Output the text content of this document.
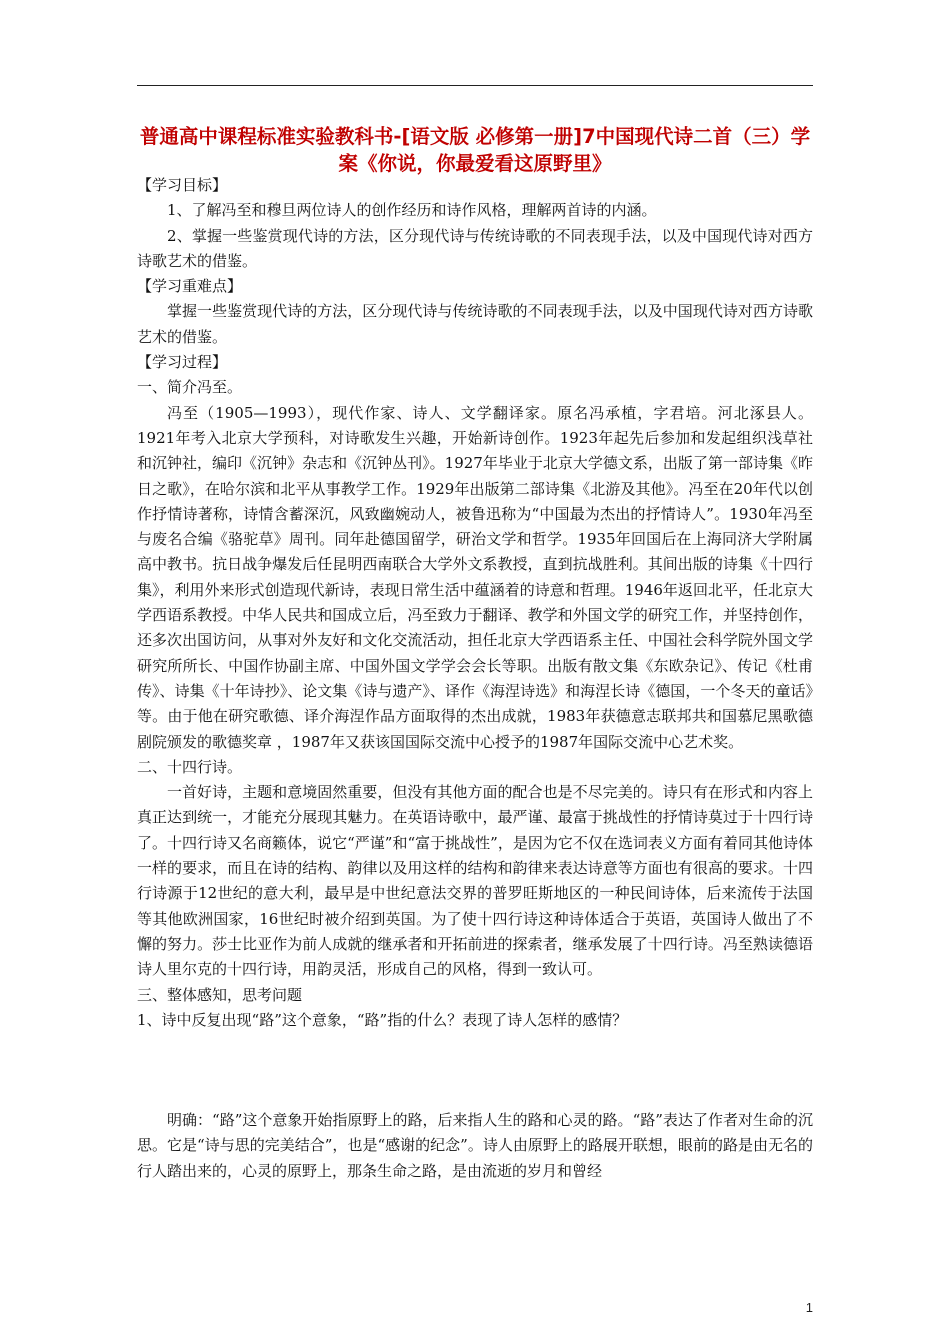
普通高中课程标准实验教科书-[语文版 必修第一册]7中国现代诗二首（三）学案《你说，你最爱看这原野里》

【学习目标】

1、了解冯至和穆旦两位诗人的创作经历和诗作风格，理解两首诗的内涵。

2、掌握一些鉴赏现代诗的方法，区分现代诗与传统诗歌的不同表现手法，以及中国现代诗对西方诗歌艺术的借鉴。

【学习重难点】

掌握一些鉴赏现代诗的方法，区分现代诗与传统诗歌的不同表现手法，以及中国现代诗对西方诗歌艺术的借鉴。

【学习过程】

一、简介冯至。

冯至（1905—1993），现代作家、诗人、文学翻译家。原名冯承植，字君培。河北涿县人。1921年考入北京大学预科，对诗歌发生兴趣，开始新诗创作。1923年起先后参加和发起组织浅草社和沉钟社，编印《沉钟》杂志和《沉钟丛刊》。1927年毕业于北京大学德文系，出版了第一部诗集《昨日之歌》，在哈尔滨和北平从事教学工作。1929年出版第二部诗集《北游及其他》。冯至在20年代以创作抒情诗著称，诗情含蓄深沉，风致幽婉动人，被鲁迅称为“中国最为杰出的抒情诗人”。1930年冯至与废名合编《骆驼草》周刊。同年赴德国留学，研治文学和哲学。1935年回国后在上海同济大学附属高中教书。抗日战争爆发后任昆明西南联合大学外文系教授，直到抗战胜利。其间出版的诗集《十四行集》，利用外来形式创造现代新诗，表现日常生活中蕴涵着的诗意和哲理。1946年返回北平，任北京大学西语系教授。中华人民共和国成立后，冯至致力于翻译、教学和外国文学的研究工作，并坚持创作，还多次出国访问，从事对外友好和文化交流活动，担任北京大学西语系主任、中国社会科学院外国文学研究所所长、中国作协副主席、中国外国文学学会会长等职。出版有散文集《东欧杂记》、传记《杜甫传》、诗集《十年诗抄》、论文集《诗与遗产》、译作《海涅诗选》和海涅长诗《德国，一个冬天的童话》等。由于他在研究歌德、译介海涅作品方面取得的杰出成就，1983年获德意志联邦共和国慕尼黑歌德剧院颁发的歌德奖章 ，1987年又获该国国际交流中心授予的1987年国际交流中心艺术奖。

二、十四行诗。

一首好诗，主题和意境固然重要，但没有其他方面的配合也是不尽完美的。诗只有在形式和内容上真正达到统一，才能充分展现其魅力。在英语诗歌中，最严谨、最富于挑战性的抒情诗莫过于十四行诗了。十四行诗又名商籁体，说它“严谨”和“富于挑战性”，是因为它不仅在选词表义方面有着同其他诗体一样的要求，而且在诗的结构、韵律以及用这样的结构和韵律来表达诗意等方面也有很高的要求。十四行诗源于12世纪的意大利，最早是中世纪意法交界的普罗旺斯地区的一种民间诗体，后来流传于法国等其他欧洲国家，16世纪时被介绍到英国。为了使十四行诗这种诗体适合于英语，英国诗人做出了不懈的努力。莎士比亚作为前人成就的继承者和开拓前进的探索者，继承发展了十四行诗。冯至熟读德语诗人里尔克的十四行诗，用韵灵活，形成自己的风格，得到一致认可。

三、整体感知，思考问题

1、诗中反复出现“路”这个意象，“路”指的什么？表现了诗人怎样的感情？

明确：“路”这个意象开始指原野上的路，后来指人生的路和心灵的路。“路”表达了作者对生命的沉思。它是“诗与思的完美结合”，也是“感谢的纪念”。诗人由原野上的路展开联想，眼前的路是由无名的行人踏出来的，心灵的原野上，那条生命之路，是由流逝的岁月和曾经

1
